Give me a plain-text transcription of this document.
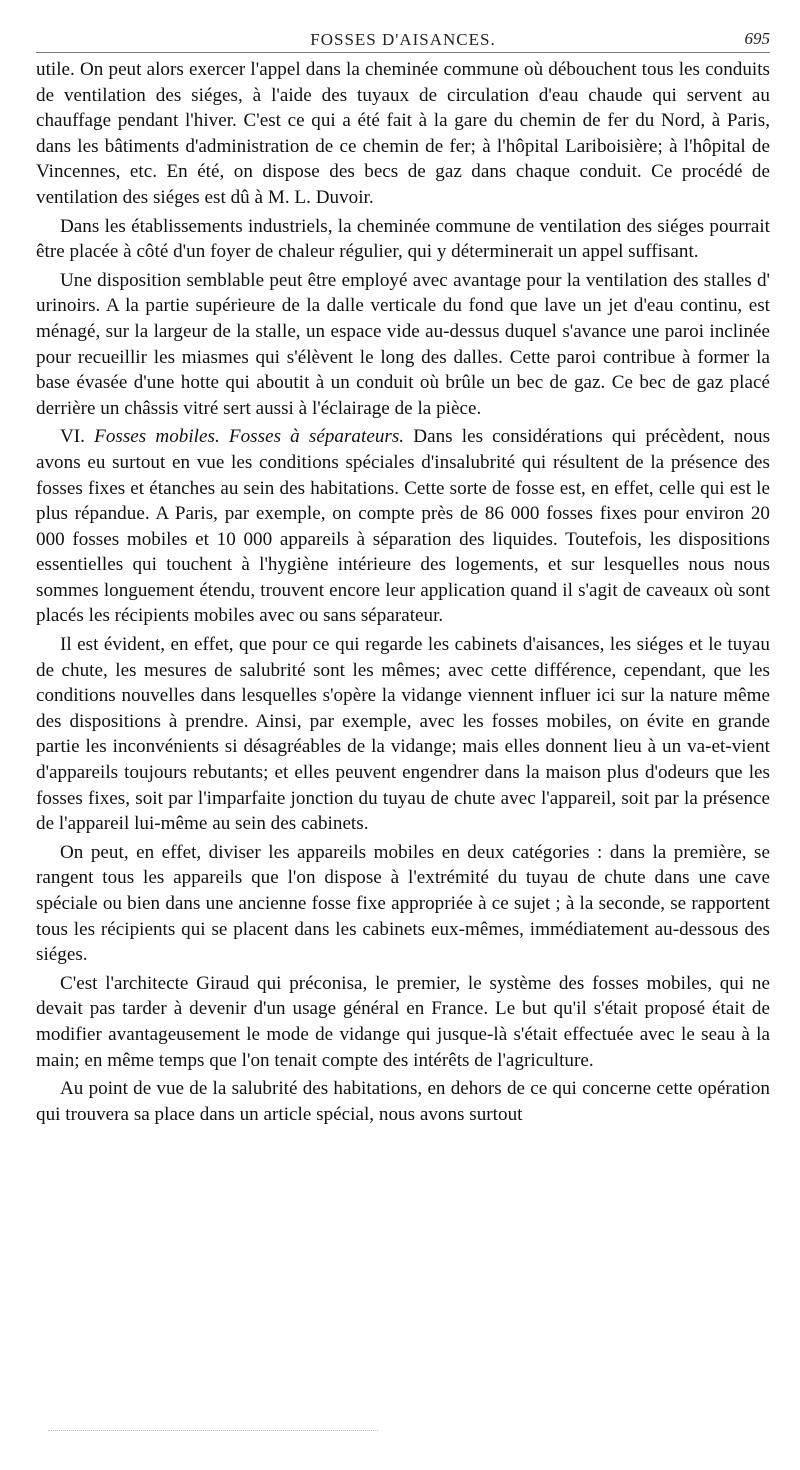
FOSSES D'AISANCES.	695

utile. On peut alors exercer l'appel dans la cheminée commune où débouchent tous les conduits de ventilation des siéges, à l'aide des tuyaux de circulation d'eau chaude qui servent au chauffage pendant l'hiver. C'est ce qui a été fait à la gare du chemin de fer du Nord, à Paris, dans les bâtiments d'administration de ce chemin de fer; à l'hôpital Lariboisière; à l'hôpital de Vincennes, etc. En été, on dispose des becs de gaz dans chaque conduit. Ce procédé de ventilation des siéges est dû à M. L. Duvoir.

Dans les établissements industriels, la cheminée commune de ventilation des siéges pourrait être placée à côté d'un foyer de chaleur régulier, qui y déterminerait un appel suffisant.

Une disposition semblable peut être employé avec avantage pour la ventilation des stalles d' urinoirs. A la partie supérieure de la dalle verticale du fond que lave un jet d'eau continu, est ménagé, sur la largeur de la stalle, un espace vide au-dessus duquel s'avance une paroi inclinée pour recueillir les miasmes qui s'élèvent le long des dalles. Cette paroi contribue à former la base évasée d'une hotte qui aboutit à un conduit où brûle un bec de gaz. Ce bec de gaz placé derrière un châssis vitré sert aussi à l'éclairage de la pièce.

VI. Fosses mobiles. Fosses à séparateurs. Dans les considérations qui précèdent, nous avons eu surtout en vue les conditions spéciales d'insalubrité qui résultent de la présence des fosses fixes et étanches au sein des habitations. Cette sorte de fosse est, en effet, celle qui est le plus répandue. A Paris, par exemple, on compte près de 86 000 fosses fixes pour environ 20 000 fosses mobiles et 10 000 appareils à séparation des liquides. Toutefois, les dispositions essentielles qui touchent à l'hygiène intérieure des logements, et sur lesquelles nous nous sommes longuement étendu, trouvent encore leur application quand il s'agit de caveaux où sont placés les récipients mobiles avec ou sans séparateur.

Il est évident, en effet, que pour ce qui regarde les cabinets d'aisances, les siéges et le tuyau de chute, les mesures de salubrité sont les mêmes; avec cette différence, cependant, que les conditions nouvelles dans lesquelles s'opère la vidange viennent influer ici sur la nature même des dispositions à prendre. Ainsi, par exemple, avec les fosses mobiles, on évite en grande partie les inconvénients si désagréables de la vidange; mais elles donnent lieu à un va-et-vient d'appareils toujours rebutants; et elles peuvent engendrer dans la maison plus d'odeurs que les fosses fixes, soit par l'imparfaite jonction du tuyau de chute avec l'appareil, soit par la présence de l'appareil lui-même au sein des cabinets.

On peut, en effet, diviser les appareils mobiles en deux catégories : dans la première, se rangent tous les appareils que l'on dispose à l'extrémité du tuyau de chute dans une cave spéciale ou bien dans une ancienne fosse fixe appropriée à ce sujet ; à la seconde, se rapportent tous les récipients qui se placent dans les cabinets eux-mêmes, immédiatement au-dessous des siéges.

C'est l'architecte Giraud qui préconisa, le premier, le système des fosses mobiles, qui ne devait pas tarder à devenir d'un usage général en France. Le but qu'il s'était proposé était de modifier avantageusement le mode de vidange qui jusque-là s'était effectuée avec le seau à la main; en même temps que l'on tenait compte des intérêts de l'agriculture.

Au point de vue de la salubrité des habitations, en dehors de ce qui concerne cette opération qui trouvera sa place dans un article spécial, nous avons surtout
